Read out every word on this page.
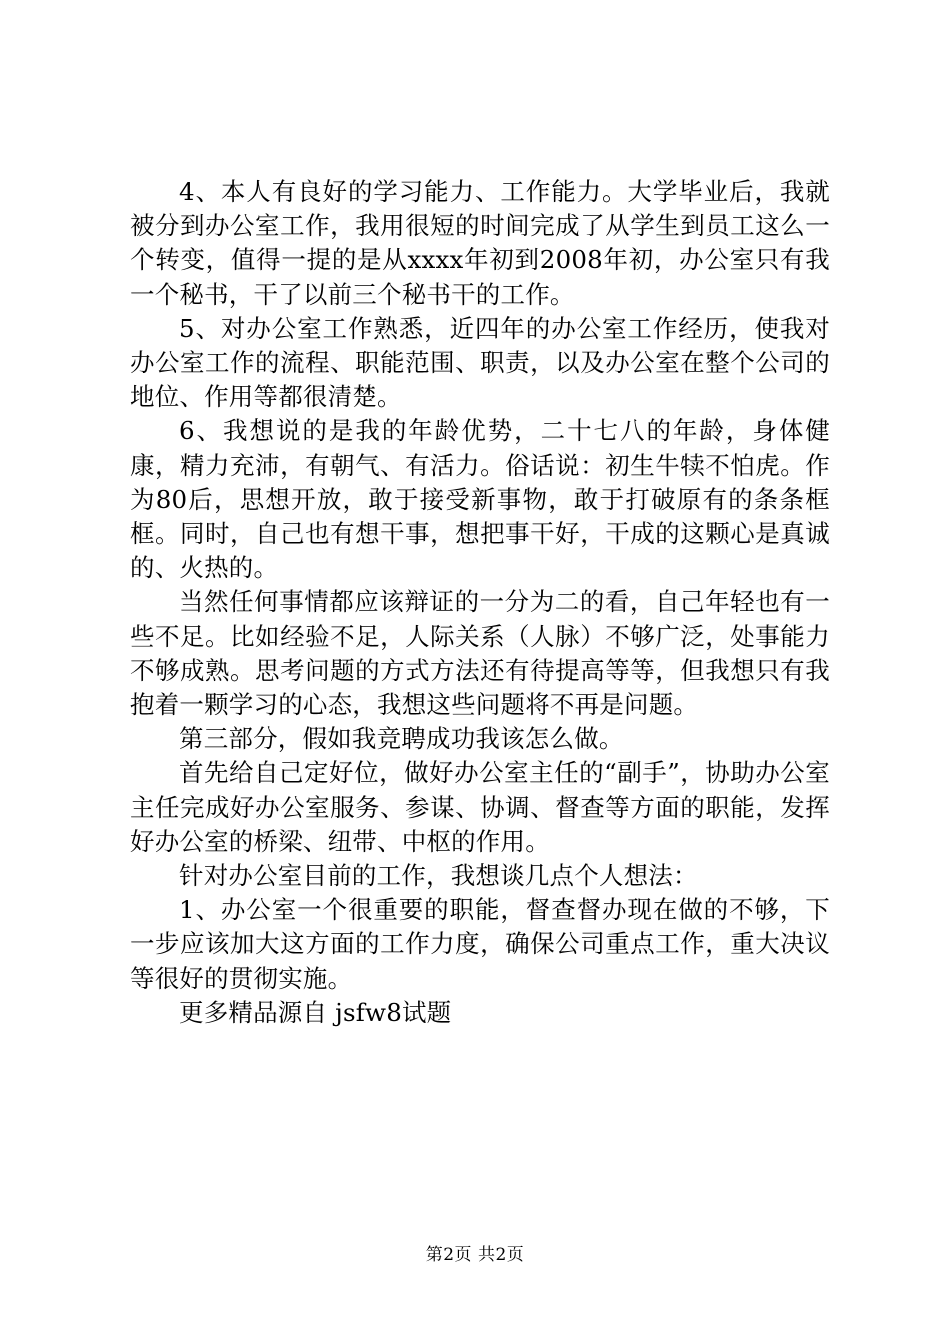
4、本人有良好的学习能力、工作能力。大学毕业后，我就被分到办公室工作，我用很短的时间完成了从学生到员工这么一个转变，值得一提的是从xxxx年初到2008年初，办公室只有我一个秘书，干了以前三个秘书干的工作。

5、对办公室工作熟悉，近四年的办公室工作经历，使我对办公室工作的流程、职能范围、职责，以及办公室在整个公司的地位、作用等都很清楚。

6、我想说的是我的年龄优势，二十七八的年龄，身体健康，精力充沛，有朝气、有活力。俗话说：初生牛犊不怕虎。作为80后，思想开放，敢于接受新事物，敢于打破原有的条条框框。同时，自己也有想干事，想把事干好，干成的这颗心是真诚的、火热的。

当然任何事情都应该辩证的一分为二的看，自己年轻也有一些不足。比如经验不足，人际关系（人脉）不够广泛，处事能力不够成熟。思考问题的方式方法还有待提高等等，但我想只有我抱着一颗学习的心态，我想这些问题将不再是问题。

第三部分，假如我竞聘成功我该怎么做。

首先给自己定好位，做好办公室主任的“副手”，协助办公室主任完成好办公室服务、参谋、协调、督查等方面的职能，发挥好办公室的桥梁、纽带、中枢的作用。

针对办公室目前的工作，我想谈几点个人想法：

1、办公室一个很重要的职能，督查督办现在做的不够，下一步应该加大这方面的工作力度，确保公司重点工作，重大决议等很好的贯彻实施。

更多精品源自 jsfw8试题

第2页 共2页
